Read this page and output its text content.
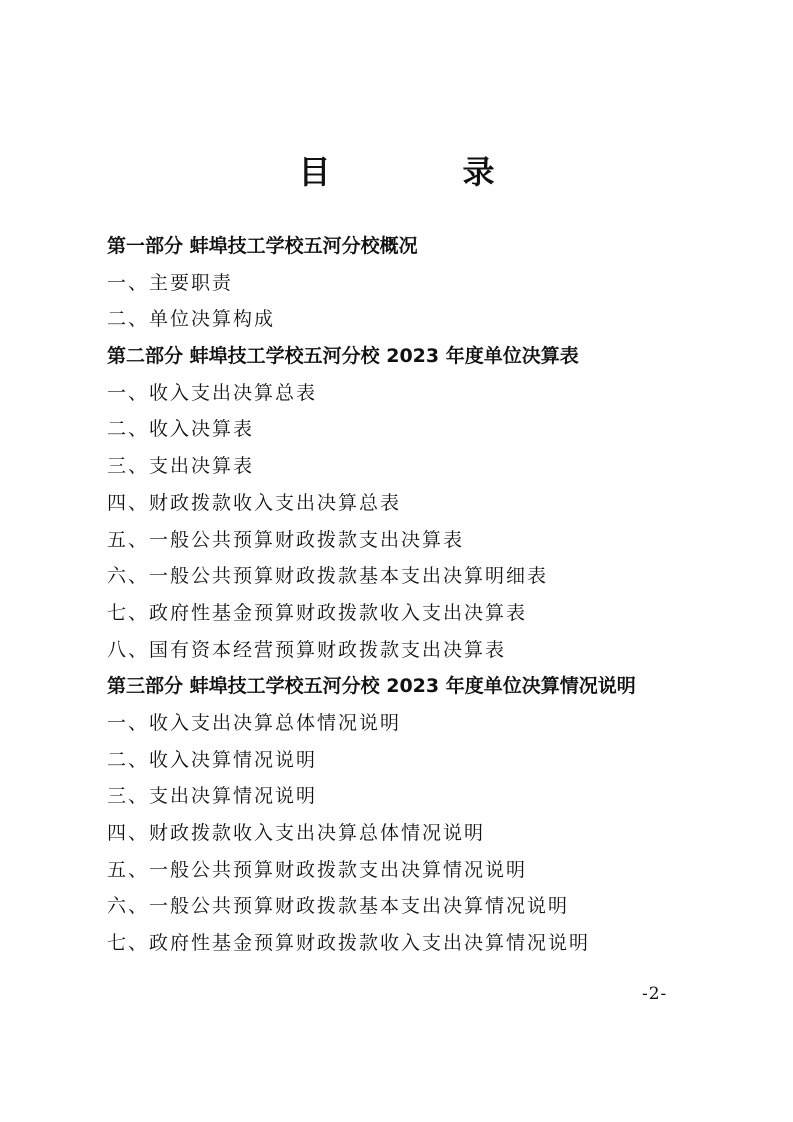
目　录
第一部分 蚌埠技工学校五河分校概况
一、主要职责
二、单位决算构成
第二部分 蚌埠技工学校五河分校 2023 年度单位决算表
一、收入支出决算总表
二、收入决算表
三、支出决算表
四、财政拨款收入支出决算总表
五、一般公共预算财政拨款支出决算表
六、一般公共预算财政拨款基本支出决算明细表
七、政府性基金预算财政拨款收入支出决算表
八、国有资本经营预算财政拨款支出决算表
第三部分 蚌埠技工学校五河分校 2023 年度单位决算情况说明
一、收入支出决算总体情况说明
二、收入决算情况说明
三、支出决算情况说明
四、财政拨款收入支出决算总体情况说明
五、一般公共预算财政拨款支出决算情况说明
六、一般公共预算财政拨款基本支出决算情况说明
七、政府性基金预算财政拨款收入支出决算情况说明
-2-
